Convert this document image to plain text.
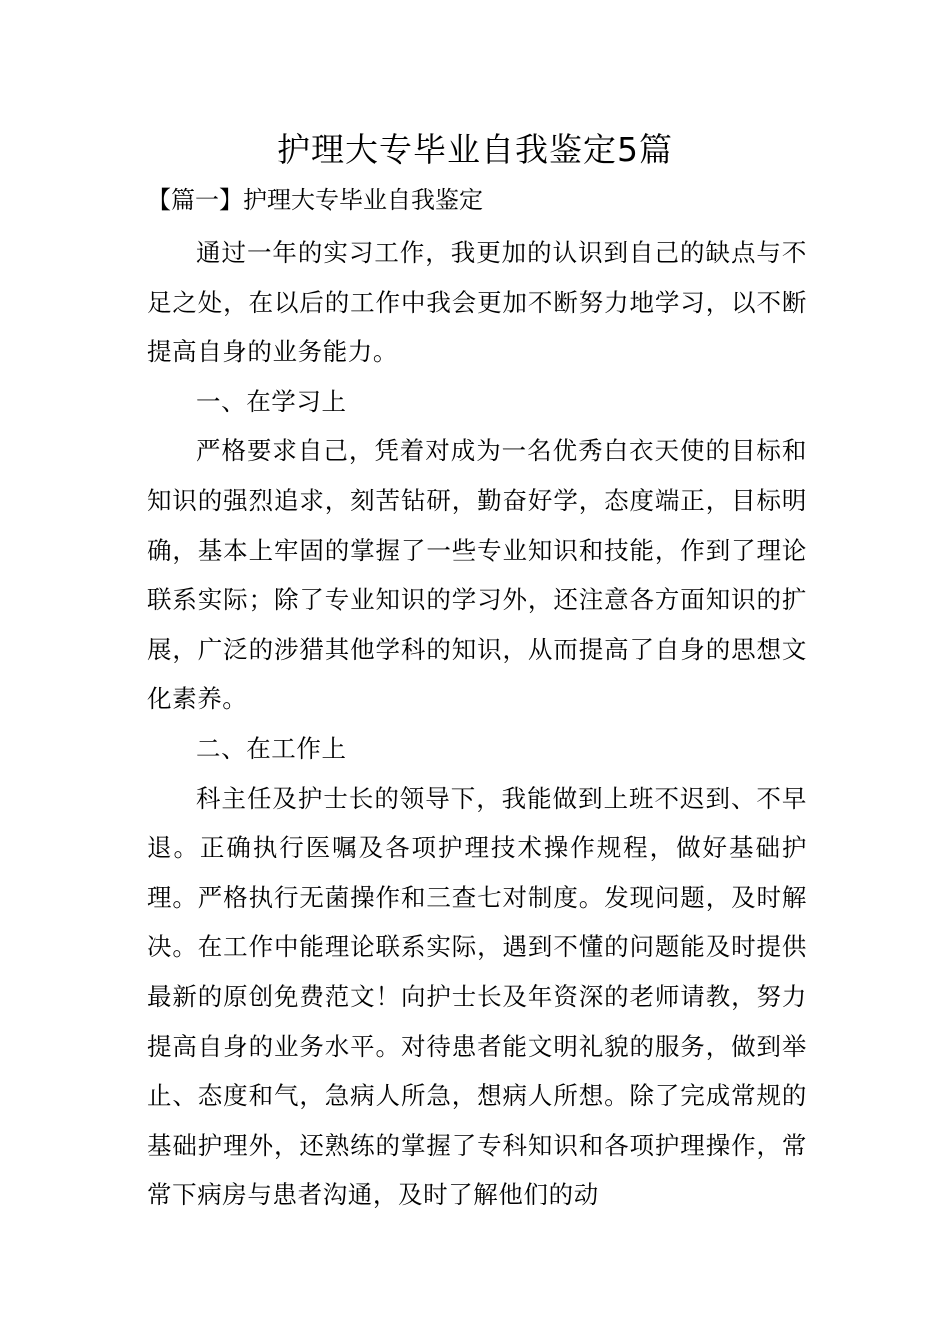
护理大专毕业自我鉴定5篇
【篇一】护理大专毕业自我鉴定

通过一年的实习工作，我更加的认识到自己的缺点与不足之处，在以后的工作中我会更加不断努力地学习，以不断提高自身的业务能力。

一、在学习上

严格要求自己，凭着对成为一名优秀白衣天使的目标和知识的强烈追求，刻苦钻研，勤奋好学，态度端正，目标明确，基本上牢固的掌握了一些专业知识和技能，作到了理论联系实际；除了专业知识的学习外，还注意各方面知识的扩展，广泛的涉猎其他学科的知识，从而提高了自身的思想文化素养。

二、在工作上

科主任及护士长的领导下，我能做到上班不迟到、不早退。正确执行医嘱及各项护理技术操作规程，做好基础护理。严格执行无菌操作和三查七对制度。发现问题，及时解决。在工作中能理论联系实际，遇到不懂的问题能及时提供最新的原创免费范文！向护士长及年资深的老师请教，努力提高自身的业务水平。对待患者能文明礼貌的服务，做到举止、态度和气，急病人所急，想病人所想。除了完成常规的基础护理外，还熟练的掌握了专科知识和各项护理操作，常常下病房与患者沟通，及时了解他们的动
